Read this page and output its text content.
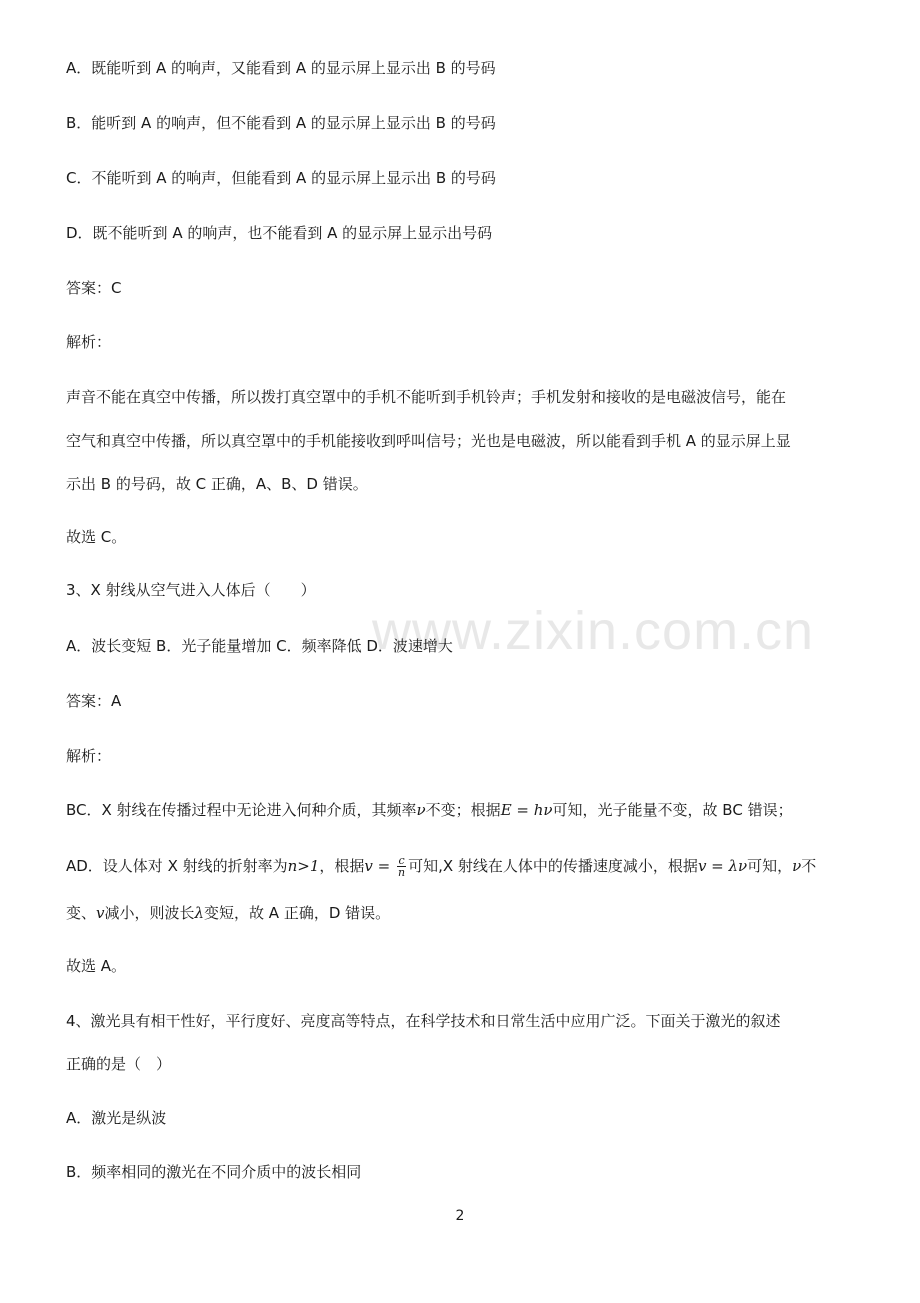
www.zixin.com.cn
A．既能听到 A 的响声，又能看到 A 的显示屏上显示出 B 的号码
B．能听到 A 的响声，但不能看到 A 的显示屏上显示出 B 的号码
C．不能听到 A 的响声，但能看到 A 的显示屏上显示出 B 的号码
D．既不能听到 A 的响声，也不能看到 A 的显示屏上显示出号码
答案：C
解析：
声音不能在真空中传播，所以拨打真空罩中的手机不能听到手机铃声；手机发射和接收的是电磁波信号，能在
空气和真空中传播，所以真空罩中的手机能接收到呼叫信号；光也是电磁波，所以能看到手机 A 的显示屏上显
示出 B 的号码，故 C 正确，A、B、D 错误。
故选 C。
3、X 射线从空气进入人体后（　　）
A．波长变短 B．光子能量增加 C．频率降低 D．波速增大
答案：A
解析：
BC．X 射线在传播过程中无论进入何种介质，其频率ν不变；根据E = hν可知，光子能量不变，故 BC 错误；
AD．设人体对 X 射线的折射率为n>1，根据$v = \frac{c}{n}$ 可知,X 射线在人体中的传播速度减小，根据v = λν可知，ν不
变、v减小，则波长λ变短，故 A 正确，D 错误。
故选 A。
4、激光具有相干性好，平行度好、亮度高等特点，在科学技术和日常生活中应用广泛。下面关于激光的叙述
正确的是（　）
A．激光是纵波
B．频率相同的激光在不同介质中的波长相同
2
